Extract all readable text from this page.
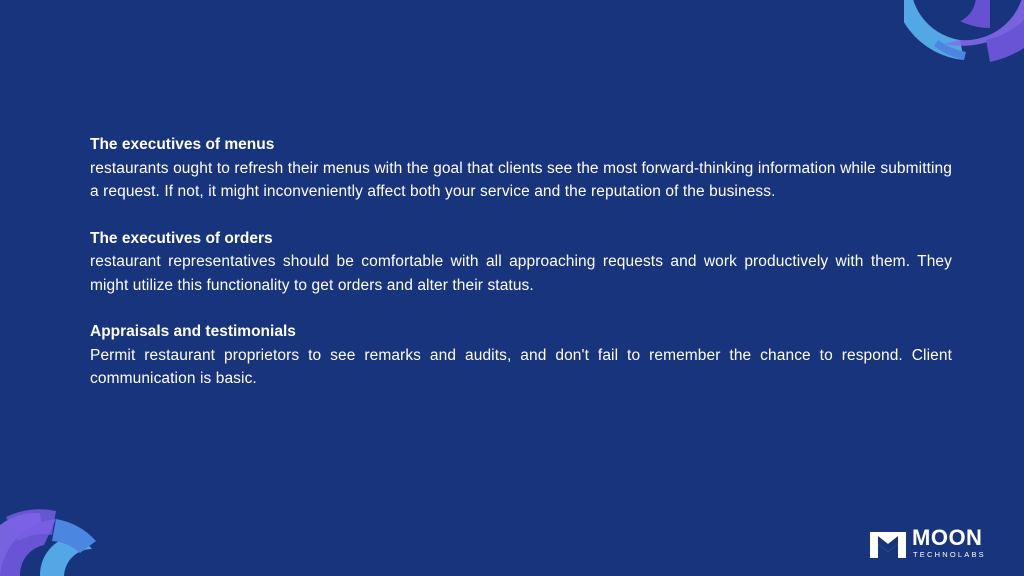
The executives of menus

restaurants ought to refresh their menus with the goal that clients see the most forward-thinking information while submitting a request. If not, it might inconveniently affect both your service and the reputation of the business.

The executives of orders

restaurant representatives should be comfortable with all approaching requests and work productively with them. They might utilize this functionality to get orders and alter their status.

Appraisals and testimonials

Permit restaurant proprietors to see remarks and audits, and don't fail to remember the chance to respond. Client communication is basic.

MOON
TECHNOLABS
